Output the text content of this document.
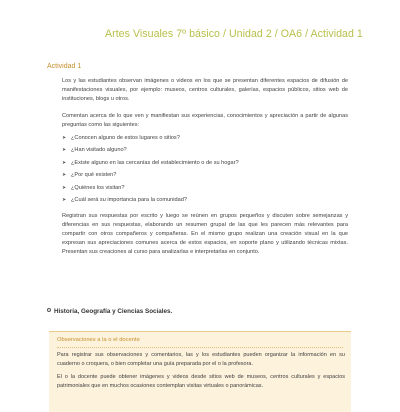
Artes Visuales 7º básico / Unidad 2 / OA6 / Actividad 1
Actividad 1

Los y las estudiantes observan imágenes o videos en los que se presentan diferentes espacios de difusión de manifestaciones visuales, por ejemplo: museos, centros culturales, galerías, espacios públicos, sitios web de instituciones, blogs u otros.

Comentan acerca de lo que ven y manifiestan sus experiencias, conocimientos y apreciación a partir de algunas preguntas como las siguientes:

➤ ¿Conocen alguno de estos lugares o sitios?
➤ ¿Han visitado alguno?
➤ ¿Existe alguno en las cercanías del establecimiento o de su hogar?
➤ ¿Por qué existen?
➤ ¿Quiénes los visitan?
➤ ¿Cuál será su importancia para la comunidad?

Registran sus respuestas por escrito y luego se reúnen en grupos pequeños y discuten sobre semejanzas y diferencias en sus respuestas, elaborando un resumen grupal de las que les parecen más relevantes para compartir con otros compañeros y compañeras. En el mismo grupo realizan una creación visual en la que expresan sus apreciaciones comunes acerca de estos espacios, en soporte plano y utilizando técnicas mixtas. Presentan sus creaciones al curso para analizarlas e interpretarlas en conjunto.

Historia, Geografía y Ciencias Sociales.
Observaciones a la o el docente

Para registrar sus observaciones y comentarios, las y los estudiantes pueden organizar la información en su cuaderno o croquera, o bien completar una guía preparada por el o la profesora.

El o la docente puede obtener imágenes y videos desde sitios web de museos, centros culturales y espacios patrimoniales que en muchos ocasiones contemplan visitas virtuales o panorámicas.
